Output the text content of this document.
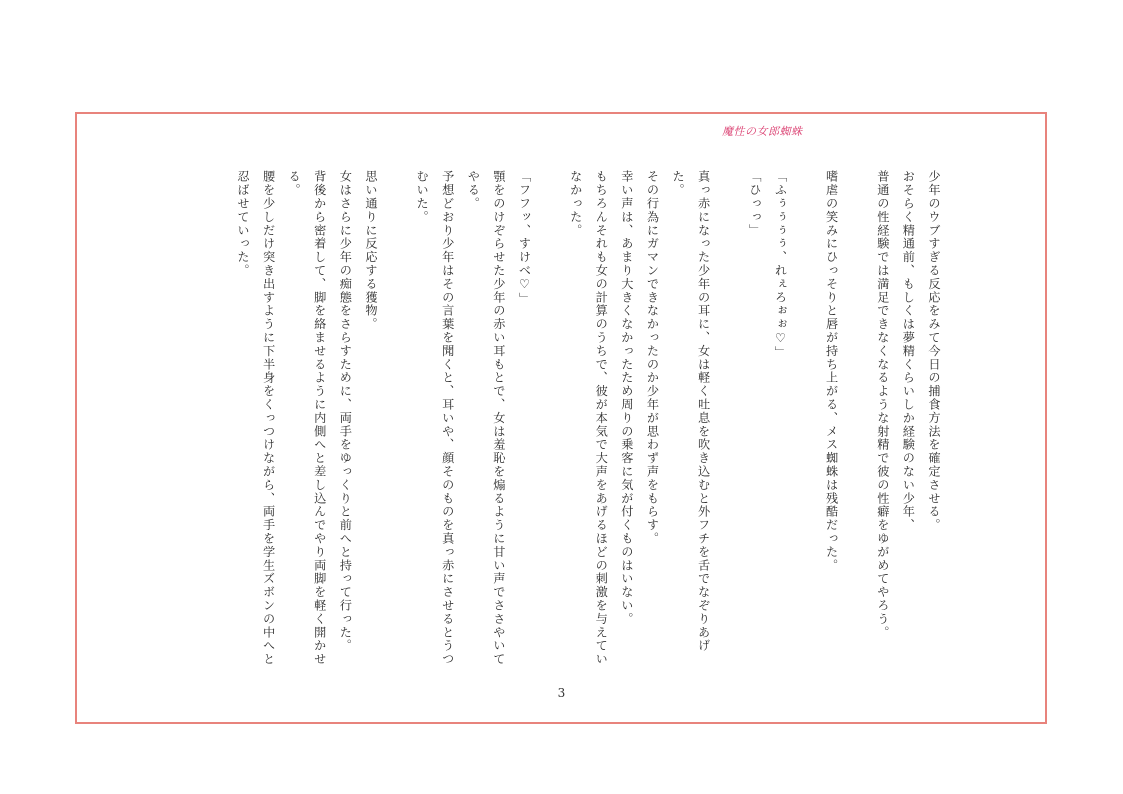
魔性の女郎蜘蛛

少年のウブすぎる反応をみて今日の捕食方法を確定させる。

おそらく精通前、もしくは夢精くらいしか経験のない少年、

普通の性経験では満足できなくなるような射精で彼の性癖をゆがめてやろう。

嗜虐の笑みにひっそりと唇が持ち上がる、メス蜘蛛は残酷だった。

「ふぅぅぅぅ、れぇろぉぉ♡」

「ひっっ」

真っ赤になった少年の耳に、女は軽く吐息を吹き込むと外フチを舌でなぞりあげた。

その行為にガマンできなかったのか少年が思わず声をもらす。

幸い声は、あまり大きくなかったため周りの乗客に気が付くものはいない。

もちろんそれも女の計算のうちで、彼が本気で大声をあげるほどの刺激を与えていなかった。

「フフッ、すけべ♡」

顎をのけぞらせた少年の赤い耳もとで、女は羞恥を煽るように甘い声でささやいてやる。

予想どおり少年はその言葉を聞くと、耳いや、顔そのものを真っ赤にさせるとうつむいた。

思い通りに反応する獲物。

女はさらに少年の痴態をさらすために、両手をゆっくりと前へと持って行った。

背後から密着して、脚を絡ませるように内側へと差し込んでやり両脚を軽く開かせる。

腰を少しだけ突き出すように下半身をくっつけながら、両手を学生ズボンの中へと忍ばせていった。

3
